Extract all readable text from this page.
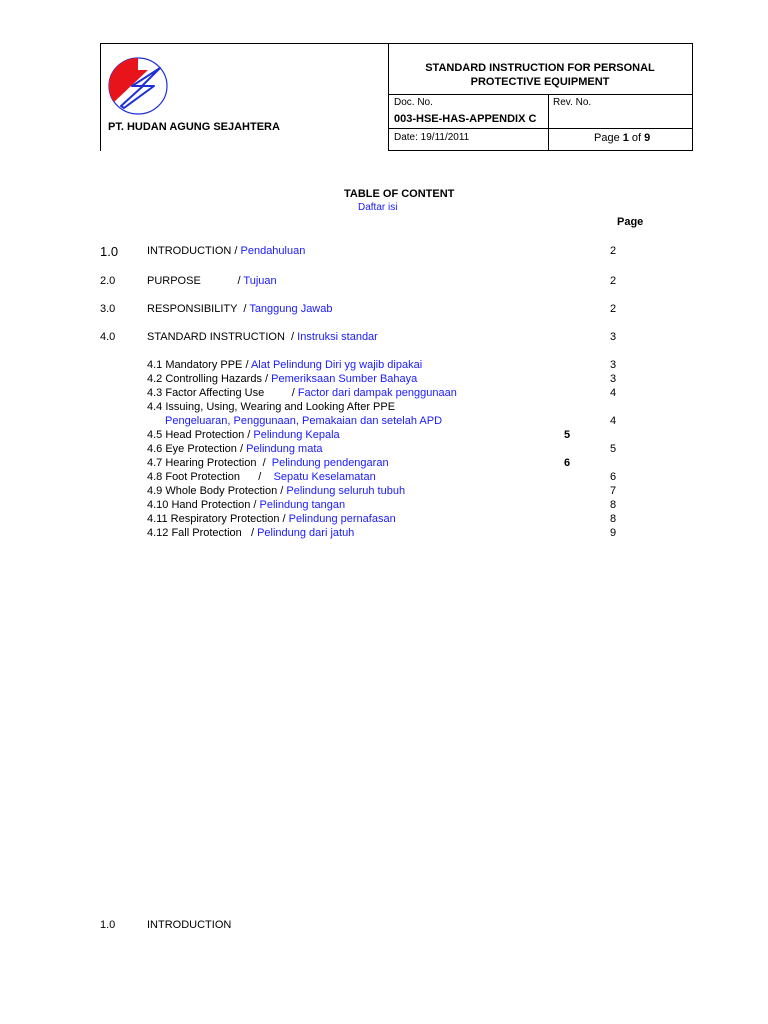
PT. HUDAN AGUNG SEJAHTERA
STANDARD INSTRUCTION FOR PERSONAL
PROTECTIVE EQUIPMENT
Doc. No.	Rev. No.
003-HSE-HAS-APPENDIX C
Date: 19/11/2011	Page 1 of 9
TABLE OF CONTENT
Daftar isi
Page
1.0	INTRODUCTION / Pendahuluan	2
2.0	PURPOSE            / Tujuan	2
3.0	RESPONSIBILITY  / Tanggung Jawab	2
4.0	STANDARD INSTRUCTION  / Instruksi standar	3
4.1 Mandatory PPE / Alat Pelindung Diri yg wajib dipakai	3
4.2 Controlling Hazards / Pemeriksaan Sumber Bahaya	3
4.3 Factor Affecting Use         / Factor dari dampak penggunaan	4
4.4 Issuing, Using, Wearing and Looking After PPE
Pengeluaran, Penggunaan, Pemakaian dan setelah APD	4
4.5 Head Protection / Pelindung Kepala	5
4.6 Eye Protection / Pelindung mata	5
4.7 Hearing Protection  /  Pelindung pendengaran	6
4.8 Foot Protection      /    Sepatu Keselamatan	6
4.9 Whole Body Protection / Pelindung seluruh tubuh	7
4.10 Hand Protection / Pelindung tangan	8
4.11 Respiratory Protection / Pelindung pernafasan	8
4.12 Fall Protection   / Pelindung dari jatuh	9
1.0	INTRODUCTION
